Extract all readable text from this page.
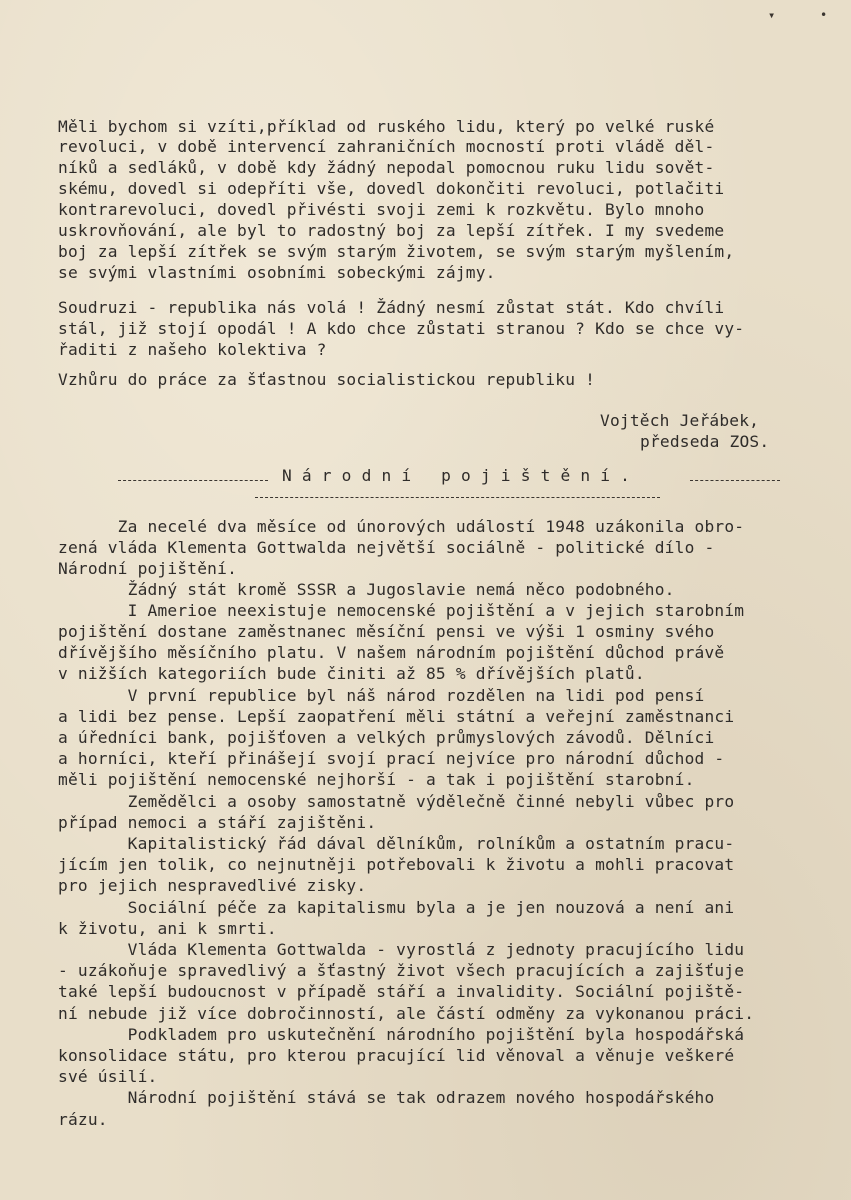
▾	•
Měli bychom si vzíti,příklad od ruského lidu, který po velké ruské
revoluci, v době intervencí zahraničních mocností proti vládě děl-
níků a sedláků, v době kdy žádný nepodal pomocnou ruku lidu sovět-
skému, dovedl si odepříti vše, dovedl dokončiti revoluci, potlačiti
kontrarevoluci, dovedl přivésti svoji zemi k rozkvětu. Bylo mnoho
uskrovňování, ale byl to radostný boj za lepší zítřek. I my svedeme
boj za lepší zítřek se svým starým životem, se svým starým myšlením,
se svými vlastními osobními sobeckými zájmy.
Soudruzi - republika nás volá ! Žádný nesmí zůstat stát. Kdo chvíli
stál, již stojí opodál ! A kdo chce zůstati stranou ? Kdo se chce vy-
řaditi z našeho kolektiva ?
Vzhůru do práce za šťastnou socialistickou republiku !
Vojtěch Jeřábek,
předseda ZOS.
N á r o d n í   p o j i š t ě n í .
Za necelé dva měsíce od únorových událostí 1948 uzákonila obro-
zená vláda Klementa Gottwalda největší sociálně - politické dílo -
Národní pojištění.
Žádný stát kromě SSSR a Jugoslavie nemá něco podobného.
I Amerioe neexistuje nemocenské pojištění a v jejich starobním
pojištění dostane zaměstnanec měsíční pensi ve výši 1 osminy svého
dřívějšího měsíčního platu. V našem národním pojištění důchod právě
v nižších kategoriích bude činiti až 85 % dřívějších platů.
V první republice byl náš národ rozdělen na lidi pod pensí
a lidi bez pense. Lepší zaopatření měli státní a veřejní zaměstnanci
a úředníci bank, pojišťoven a velkých průmyslových závodů. Dělníci
a horníci, kteří přinášejí svojí prací nejvíce pro národní důchod -
měli pojištění nemocenské nejhorší - a tak i pojištění starobní.
Zemědělci a osoby samostatně výdělečně činné nebyli vůbec pro
případ nemoci a stáří zajištěni.
Kapitalistický řád dával dělníkům, rolníkům a ostatním pracu-
jícím jen tolik, co nejnutněji potřebovali k životu a mohli pracovat
pro jejich nespravedlivé zisky.
Sociální péče za kapitalismu byla a je jen nouzová a není ani
k životu, ani k smrti.
Vláda Klementa Gottwalda - vyrostlá z jednoty pracujícího lidu
- uzákoňuje spravedlivý a šťastný život všech pracujících a zajišťuje
také lepší budoucnost v případě stáří a invalidity. Sociální pojiště-
ní nebude již více dobročinností, ale částí odměny za vykonanou práci.
Podkladem pro uskutečnění národního pojištění byla hospodářská
konsolidace státu, pro kterou pracující lid věnoval a věnuje veškeré
své úsilí.
Národní pojištění stává se tak odrazem nového hospodářského
rázu.
